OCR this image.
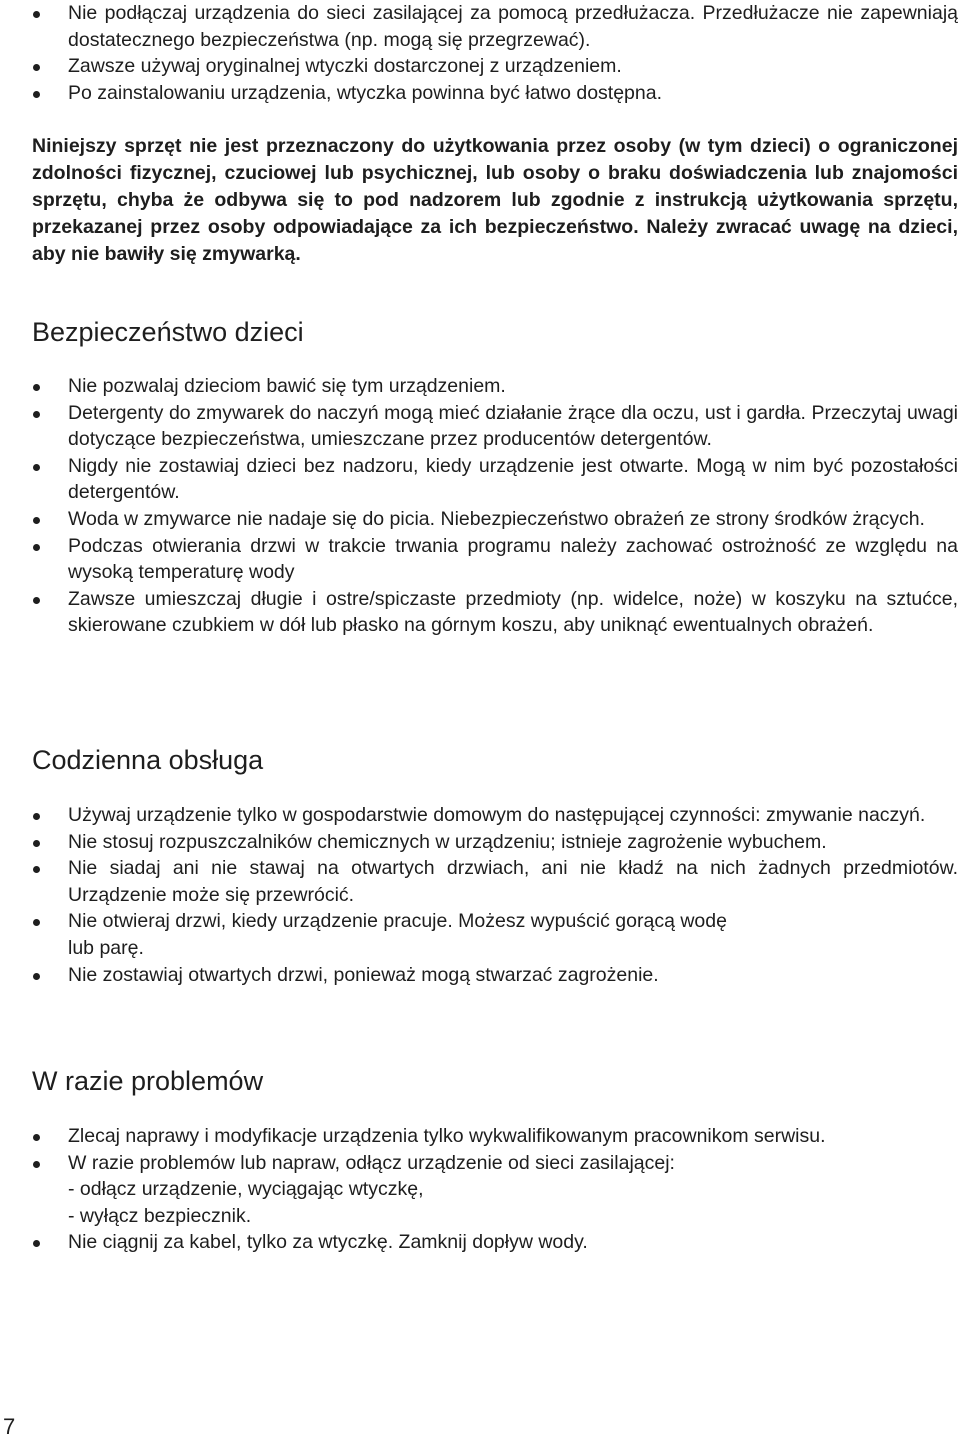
Nie podłączaj urządzenia do sieci zasilającej za pomocą przedłużacza. Przedłużacze nie zapewniają dostatecznego bezpieczeństwa (np. mogą się przegrzewać).
Zawsze używaj oryginalnej wtyczki dostarczonej z urządzeniem.
Po zainstalowaniu urządzenia, wtyczka powinna być łatwo dostępna.

Niniejszy sprzęt nie jest przeznaczony do użytkowania przez osoby (w tym dzieci) o ograniczonej zdolności fizycznej, czuciowej lub psychicznej, lub osoby o braku doświadczenia lub znajomości sprzętu, chyba że odbywa się to pod nadzorem lub zgodnie z instrukcją użytkowania sprzętu, przekazanej przez osoby odpowiadające za ich bezpieczeństwo. Należy zwracać uwagę na dzieci, aby nie bawiły się zmywarką.

Bezpieczeństwo dzieci
Nie pozwalaj dzieciom bawić się tym urządzeniem.
Detergenty do zmywarek do naczyń mogą mieć działanie żrące dla oczu, ust i gardła. Przeczytaj uwagi dotyczące bezpieczeństwa, umieszczane przez producentów detergentów.
Nigdy nie zostawiaj dzieci bez nadzoru, kiedy urządzenie jest otwarte. Mogą w nim być pozostałości detergentów.
Woda w zmywarce nie nadaje się do picia. Niebezpieczeństwo obrażeń ze strony środków żrących.
Podczas otwierania drzwi w trakcie trwania programu należy zachować ostrożność ze względu na wysoką temperaturę wody
Zawsze umieszczaj długie i ostre/spiczaste przedmioty (np. widelce, noże) w koszyku na sztućce, skierowane czubkiem w dół lub płasko na górnym koszu, aby uniknąć ewentualnych obrażeń.
Codzienna obsługa
Używaj urządzenie tylko w gospodarstwie domowym do następującej czynności: zmywanie naczyń.
Nie stosuj rozpuszczalników chemicznych w urządzeniu; istnieje zagrożenie wybuchem.
Nie siadaj ani nie stawaj na otwartych drzwiach, ani nie kładź na nich żadnych przedmiotów. Urządzenie może się przewrócić.
Nie otwieraj drzwi, kiedy urządzenie pracuje. Możesz wypuścić gorącą wodę
lub parę.
Nie zostawiaj otwartych drzwi, ponieważ mogą stwarzać zagrożenie.
W razie problemów
Zlecaj naprawy i modyfikacje urządzenia tylko wykwalifikowanym pracownikom serwisu.
W razie problemów lub napraw, odłącz urządzenie od sieci zasilającej:
- odłącz urządzenie, wyciągając wtyczkę,
- wyłącz bezpiecznik.
Nie ciągnij za kabel, tylko za wtyczkę. Zamknij dopływ wody.
7
